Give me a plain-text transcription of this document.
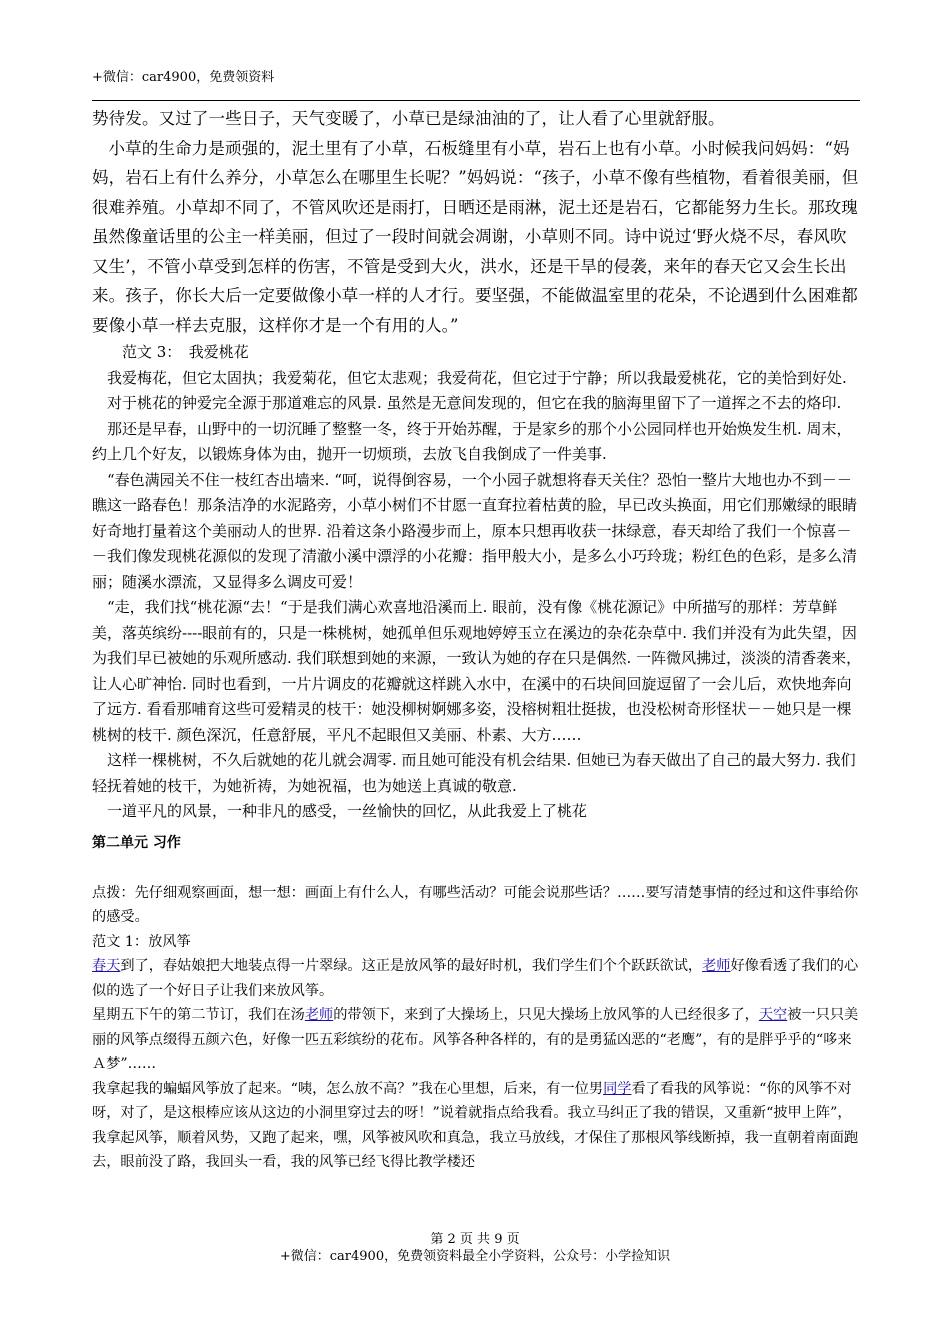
+微信：car4900，免费领资料

势待发。又过了一些日子，天气变暖了，小草已是绿油油的了，让人看了心里就舒服。

小草的生命力是顽强的，泥土里有了小草，石板缝里有小草，岩石上也有小草。小时候我问妈妈：“妈妈，岩石上有什么养分，小草怎么在哪里生长呢？”妈妈说：“孩子，小草不像有些植物，看着很美丽，但很难养殖。小草却不同了，不管风吹还是雨打，日晒还是雨淋，泥土还是岩石，它都能努力生长。那玫瑰虽然像童话里的公主一样美丽，但过了一段时间就会凋谢，小草则不同。诗中说过‘野火烧不尽，春风吹又生’，不管小草受到怎样的伤害，不管是受到大火，洪水，还是干旱的侵袭，来年的春天它又会生长出来。孩子，你长大后一定要做像小草一样的人才行。要坚强，不能做温室里的花朵，不论遇到什么困难都要像小草一样去克服，这样你才是一个有用的人。”

范文 3：　我爱桃花

我爱梅花，但它太固执；我爱菊花，但它太悲观；我爱荷花，但它过于宁静；所以我最爱桃花，它的美恰到好处.

对于桃花的钟爱完全源于那道难忘的风景. 虽然是无意间发现的，但它在我的脑海里留下了一道挥之不去的烙印.

那还是早春，山野中的一切沉睡了整整一冬，终于开始苏醒，于是家乡的那个小公园同样也开始焕发生机. 周末，约上几个好友，以锻炼身体为由，抛开一切烦琐，去放飞自我倒成了一件美事.

“春色满园关不住一枝红杏出墙来. “呵，说得倒容易，一个小园子就想将春天关住？恐怕一整片大地也办不到－－瞧这一路春色！那条洁净的水泥路旁，小草小树们不甘愿一直耷拉着枯黄的脸，早已改头换面，用它们那嫩绿的眼睛好奇地打量着这个美丽动人的世界. 沿着这条小路漫步而上，原本只想再收获一抹绿意，春天却给了我们一个惊喜－－我们像发现桃花源似的发现了清澈小溪中漂浮的小花瓣：指甲般大小，是多么小巧玲珑；粉红色的色彩，是多么清丽；随溪水漂流，又显得多么调皮可爱！

“走，我们找“桃花源“去！“于是我们满心欢喜地沿溪而上. 眼前，没有像《桃花源记》中所描写的那样：芳草鲜美，落英缤纷----眼前有的，只是一株桃树，她孤单但乐观地婷婷玉立在溪边的杂花杂草中. 我们并没有为此失望，因为我们早已被她的乐观所感动. 我们联想到她的来源，一致认为她的存在只是偶然. 一阵微风拂过，淡淡的清香袭来，让人心旷神怡. 同时也看到，一片片调皮的花瓣就这样跳入水中，在溪中的石块间回旋逗留了一会儿后，欢快地奔向了远方. 看看那哺育这些可爱精灵的枝干：她没柳树婀娜多姿，没榕树粗壮挺拔，也没松树奇形怪状－－她只是一棵桃树的枝干. 颜色深沉，任意舒展，平凡不起眼但又美丽、朴素、大方……

这样一棵桃树，不久后就她的花儿就会凋零. 而且她可能没有机会结果. 但她已为春天做出了自己的最大努力. 我们轻抚着她的枝干，为她祈祷，为她祝福，也为她送上真诚的敬意.

一道平凡的风景，一种非凡的感受，一丝愉快的回忆，从此我爱上了桃花

第二单元 习作

点拨：先仔细观察画面，想一想：画面上有什么人，有哪些活动？可能会说那些话？……要写清楚事情的经过和这件事给你的感受。

范文 1：放风筝

春天到了，春姑娘把大地装点得一片翠绿。这正是放风筝的最好时机，我们学生们个个跃跃欲试，老师好像看透了我们的心似的选了一个好日子让我们来放风筝。

星期五下午的第二节订，我们在汤老师的带领下，来到了大操场上，只见大操场上放风筝的人已经很多了，天空被一只只美丽的风筝点缀得五颜六色，好像一匹五彩缤纷的花布。风筝各种各样的，有的是勇猛凶恶的“老鹰”，有的是胖乎乎的“哆来Ａ梦”……

我拿起我的蝙蝠风筝放了起来。“咦，怎么放不高？”我在心里想，后来，有一位男同学看了看我的风筝说：“你的风筝不对呀，对了，是这根棒应该从这边的小洞里穿过去的呀！”说着就指点给我看。我立马纠正了我的错误，又重新“披甲上阵”，我拿起风筝，顺着风势，又跑了起来，嘿，风筝被风吹和真急，我立马放线，才保住了那根风筝线断掉，我一直朝着南面跑去，眼前没了路，我回头一看，我的风筝已经飞得比教学楼还

第 2 页 共 9 页
+微信：car4900，免费领资料最全小学资料，公众号：小学捡知识
